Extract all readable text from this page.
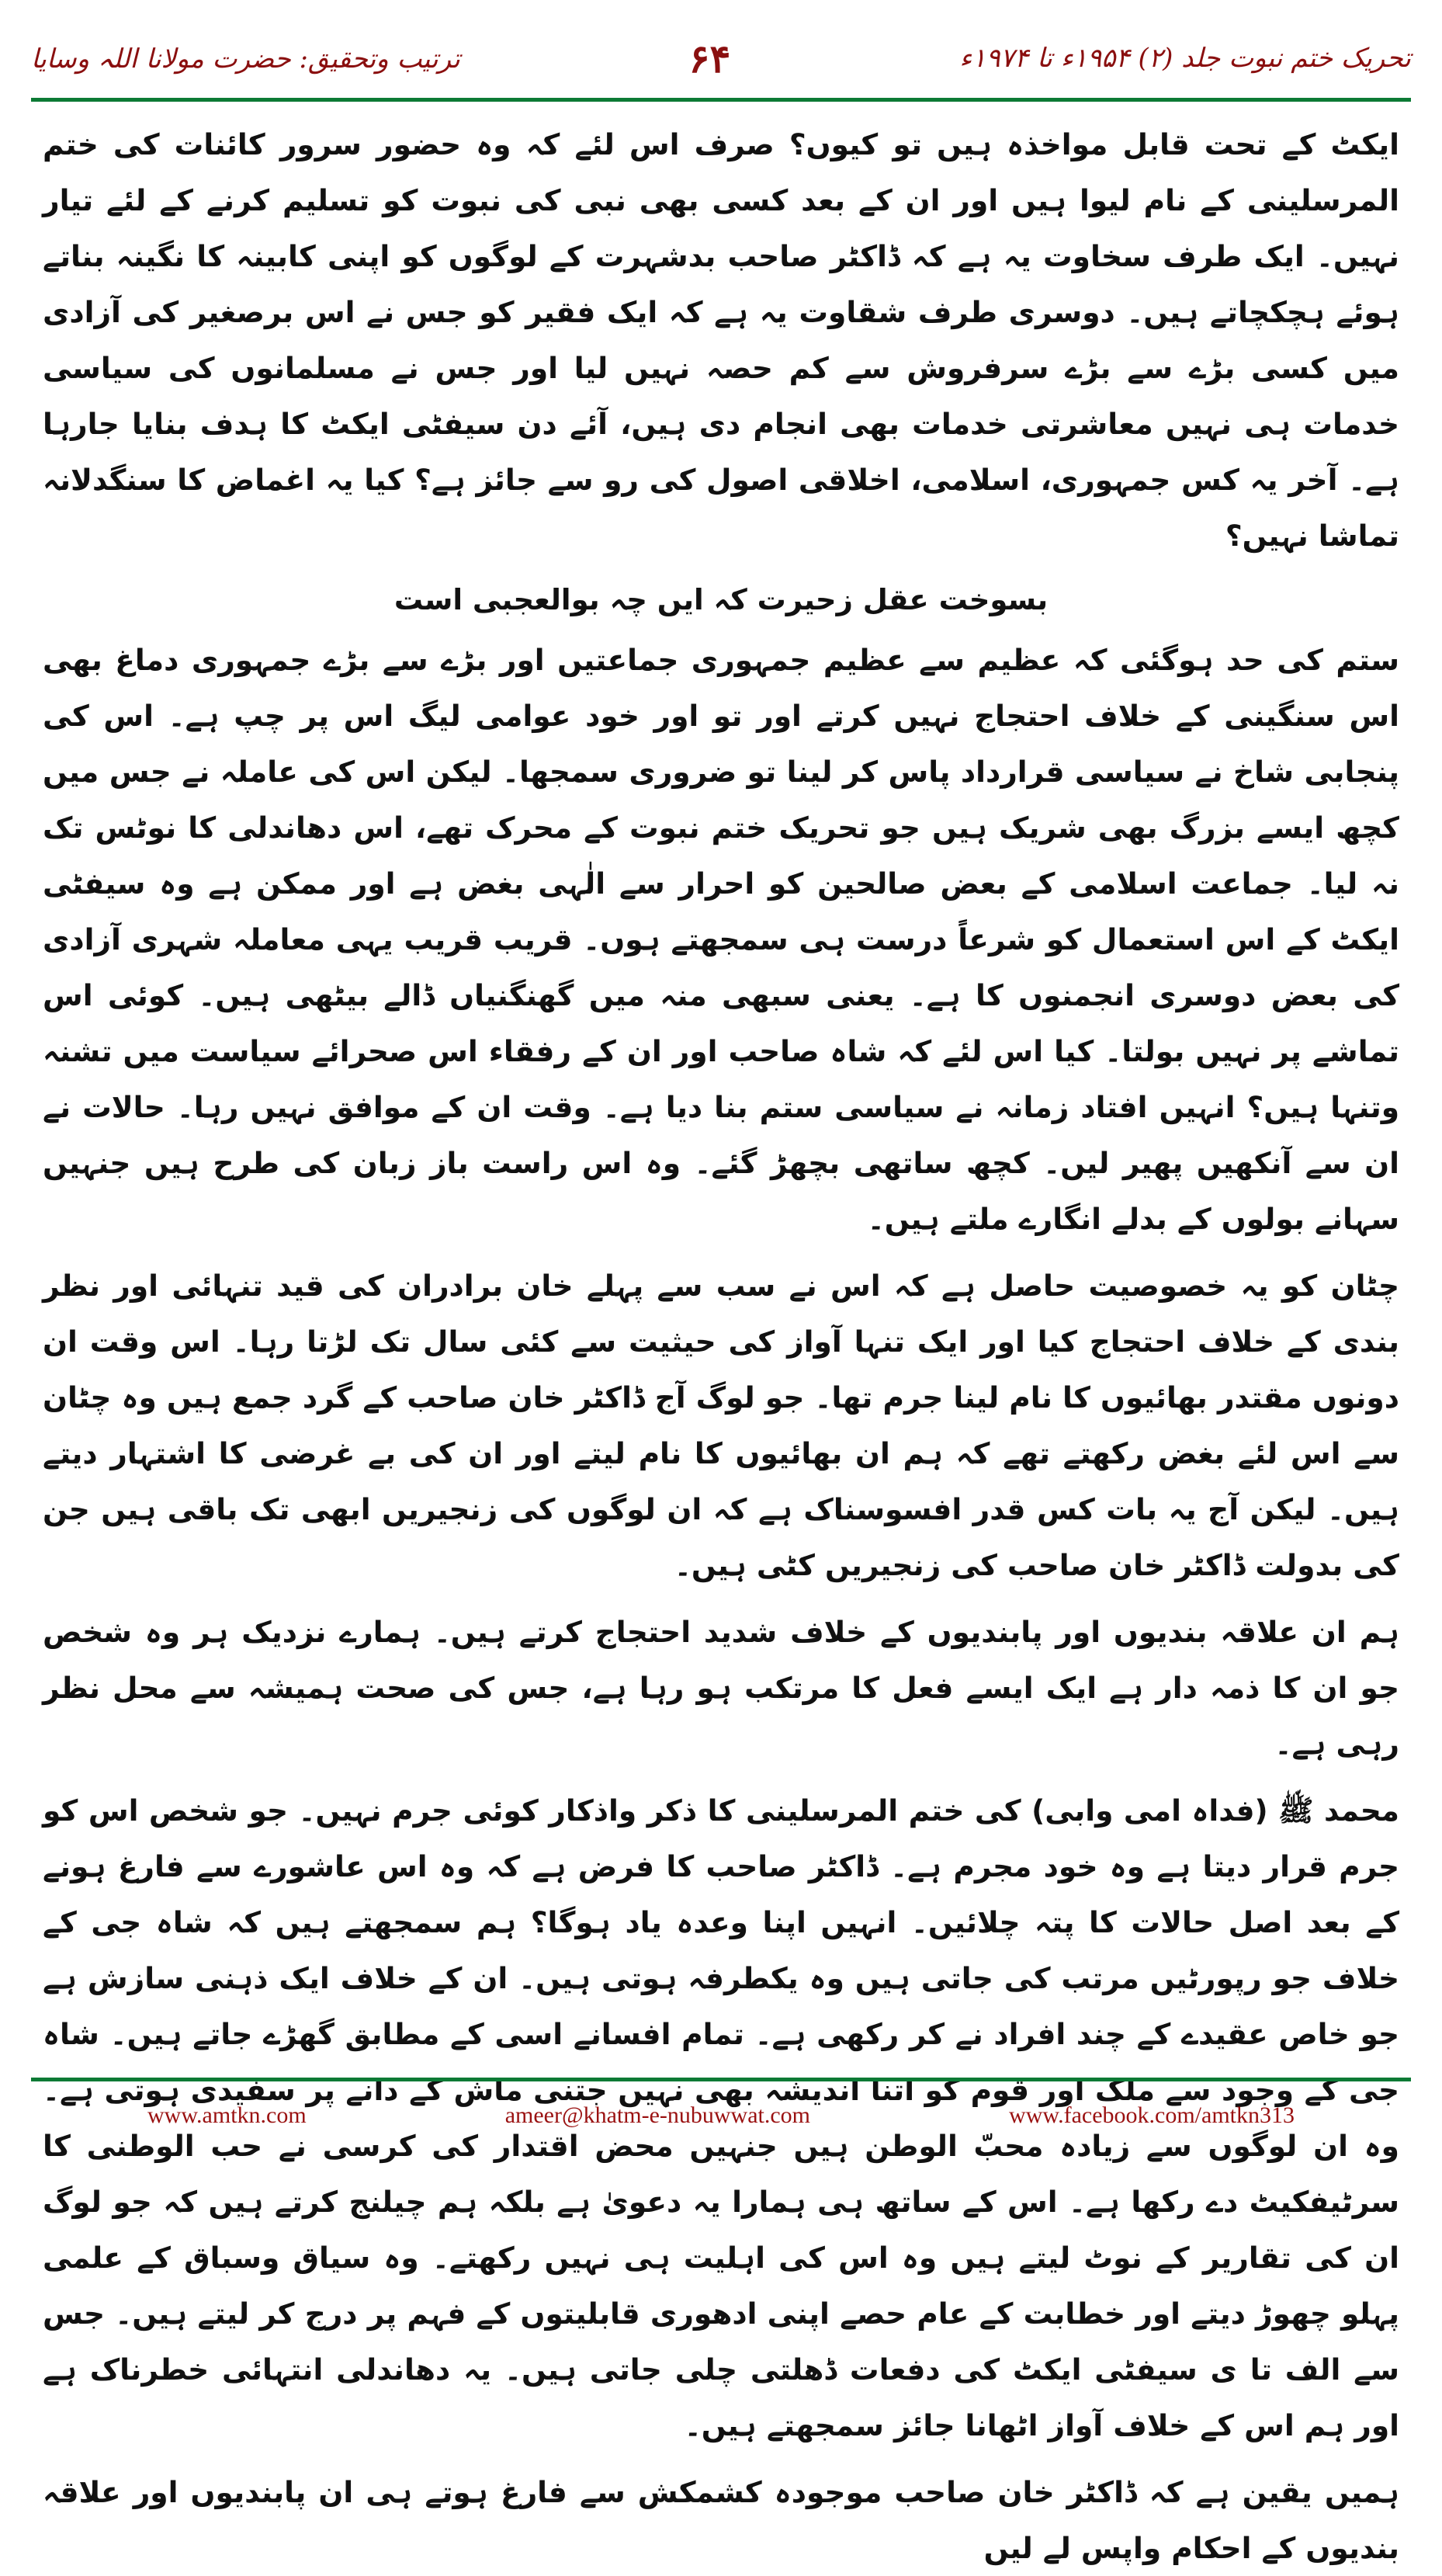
ترتیب وتحقیق: حضرت مولانا اللہ وسایا	۶۴	تحریک ختم نبوت جلد (۲) ۱۹۵۴ء تا ۱۹۷۴ء

ایکٹ کے تحت قابل مواخذہ ہیں تو کیوں؟ صرف اس لئے کہ وہ حضور سرور کائنات کی ختم المرسلینی کے نام لیوا ہیں اور ان کے بعد کسی بھی نبی کی نبوت کو تسلیم کرنے کے لئے تیار نہیں۔ ایک طرف سخاوت یہ ہے کہ ڈاکٹر صاحب بدشہرت کے لوگوں کو اپنی کابینہ کا نگینہ بناتے ہوئے ہچکچاتے ہیں۔ دوسری طرف شقاوت یہ ہے کہ ایک فقیر کو جس نے اس برصغیر کی آزادی میں کسی بڑے سے بڑے سرفروش سے کم حصہ نہیں لیا اور جس نے مسلمانوں کی سیاسی خدمات ہی نہیں معاشرتی خدمات بھی انجام دی ہیں، آئے دن سیفٹی ایکٹ کا ہدف بنایا جارہا ہے۔ آخر یہ کس جمہوری، اسلامی، اخلاقی اصول کی رو سے جائز ہے؟ کیا یہ اغماض کا سنگدلانہ تماشا نہیں؟

بسوخت عقل زحیرت کہ ایں چہ بوالعجبی است

ستم کی حد ہوگئی کہ عظیم سے عظیم جمہوری جماعتیں اور بڑے سے بڑے جمہوری دماغ بھی اس سنگینی کے خلاف احتجاج نہیں کرتے اور تو اور خود عوامی لیگ اس پر چپ ہے۔ اس کی پنجابی شاخ نے سیاسی قرارداد پاس کر لینا تو ضروری سمجھا۔ لیکن اس کی عاملہ نے جس میں کچھ ایسے بزرگ بھی شریک ہیں جو تحریک ختم نبوت کے محرک تھے، اس دھاندلی کا نوٹس تک نہ لیا۔ جماعت اسلامی کے بعض صالحین کو احرار سے الٰہی بغض ہے اور ممکن ہے وہ سیفٹی ایکٹ کے اس استعمال کو شرعاً درست ہی سمجھتے ہوں۔ قریب قریب یہی معاملہ شہری آزادی کی بعض دوسری انجمنوں کا ہے۔ یعنی سبھی منہ میں گھنگنیاں ڈالے بیٹھی ہیں۔ کوئی اس تماشے پر نہیں بولتا۔ کیا اس لئے کہ شاہ صاحب اور ان کے رفقاء اس صحرائے سیاست میں تشنہ وتنہا ہیں؟ انہیں افتاد زمانہ نے سیاسی ستم بنا دیا ہے۔ وقت ان کے موافق نہیں رہا۔ حالات نے ان سے آنکھیں پھیر لیں۔ کچھ ساتھی بچھڑ گئے۔ وہ اس راست باز زبان کی طرح ہیں جنہیں سہانے بولوں کے بدلے انگارے ملتے ہیں۔

چٹان کو یہ خصوصیت حاصل ہے کہ اس نے سب سے پہلے خان برادران کی قید تنہائی اور نظر بندی کے خلاف احتجاج کیا اور ایک تنہا آواز کی حیثیت سے کئی سال تک لڑتا رہا۔ اس وقت ان دونوں مقتدر بھائیوں کا نام لینا جرم تھا۔ جو لوگ آج ڈاکٹر خان صاحب کے گرد جمع ہیں وہ چٹان سے اس لئے بغض رکھتے تھے کہ ہم ان بھائیوں کا نام لیتے اور ان کی بے غرضی کا اشتہار دیتے ہیں۔ لیکن آج یہ بات کس قدر افسوسناک ہے کہ ان لوگوں کی زنجیریں ابھی تک باقی ہیں جن کی بدولت ڈاکٹر خان صاحب کی زنجیریں کٹی ہیں۔

ہم ان علاقہ بندیوں اور پابندیوں کے خلاف شدید احتجاج کرتے ہیں۔ ہمارے نزدیک ہر وہ شخص جو ان کا ذمہ دار ہے ایک ایسے فعل کا مرتکب ہو رہا ہے، جس کی صحت ہمیشہ سے محل نظر رہی ہے۔

محمد ﷺ (فداہ امی وابی) کی ختم المرسلینی کا ذکر واذکار کوئی جرم نہیں۔ جو شخص اس کو جرم قرار دیتا ہے وہ خود مجرم ہے۔ ڈاکٹر صاحب کا فرض ہے کہ وہ اس عاشورے سے فارغ ہونے کے بعد اصل حالات کا پتہ چلائیں۔ انہیں اپنا وعدہ یاد ہوگا؟ ہم سمجھتے ہیں کہ شاہ جی کے خلاف جو رپورٹیں مرتب کی جاتی ہیں وہ یکطرفہ ہوتی ہیں۔ ان کے خلاف ایک ذہنی سازش ہے جو خاص عقیدے کے چند افراد نے کر رکھی ہے۔ تمام افسانے اسی کے مطابق گھڑے جاتے ہیں۔ شاہ جی کے وجود سے ملک اور قوم کو اتنا اندیشہ بھی نہیں جتنی ماش کے دانے پر سفیدی ہوتی ہے۔ وہ ان لوگوں سے زیادہ محبّ الوطن ہیں جنہیں محض اقتدار کی کرسی نے حب الوطنی کا سرٹیفکیٹ دے رکھا ہے۔ اس کے ساتھ ہی ہمارا یہ دعویٰ ہے بلکہ ہم چیلنج کرتے ہیں کہ جو لوگ ان کی تقاریر کے نوٹ لیتے ہیں وہ اس کی اہلیت ہی نہیں رکھتے۔ وہ سیاق وسباق کے علمی پہلو چھوڑ دیتے اور خطابت کے عام حصے اپنی ادھوری قابلیتوں کے فہم پر درج کر لیتے ہیں۔ جس سے الف تا ی سیفٹی ایکٹ کی دفعات ڈھلتی چلی جاتی ہیں۔ یہ دھاندلی انتہائی خطرناک ہے اور ہم اس کے خلاف آواز اٹھانا جائز سمجھتے ہیں۔

ہمیں یقین ہے کہ ڈاکٹر خان صاحب موجودہ کشمکش سے فارغ ہوتے ہی ان پابندیوں اور علاقہ بندیوں کے احکام واپس لے لیں

www.amtkn.com	ameer@khatm-e-nubuwwat.com	www.facebook.com/amtkn313
